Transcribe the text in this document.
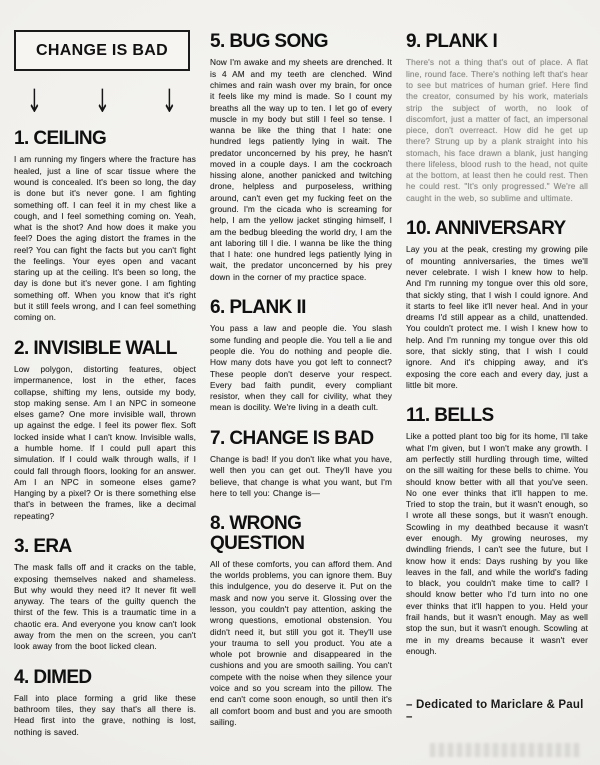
CHANGE IS BAD
↓	↓	↓
1. CEILING

I am running my fingers where the fracture has healed, just a line of scar tissue where the wound is concealed. It's been so long, the day is done but it's never gone. I am fighting something off. I can feel it in my chest like a cough, and I feel something coming on. Yeah, what is the shot? And how does it make you feel? Does the aging distort the frames in the reel? You can fight the facts but you can't fight the feelings. Your eyes open and vacant staring up at the ceiling. It's been so long, the day is done but it's never gone. I am fighting something off. When you know that it's right but it still feels wrong, and I can feel something coming on.

2. INVISIBLE WALL

Low polygon, distorting features, object impermanence, lost in the ether, faces collapse, shifting my lens, outside my body, stop making sense. Am I an NPC in someone elses game? One more invisible wall, thrown up against the edge. I feel its power flex. Soft locked inside what I can't know. Invisible walls, a humble home. If I could pull apart this simulation. If I could walk through walls, if I could fall through floors, looking for an answer. Am I an NPC in someone elses game? Hanging by a pixel? Or is there something else that's in between the frames, like a decimal repeating?

3. ERA

The mask falls off and it cracks on the table, exposing themselves naked and shameless. But why would they need it? It never fit well anyway. The tears of the guilty quench the thirst of the few. This is a traumatic time in a chaotic era. And everyone you know can't look away from the men on the screen, you can't look away from the boot licked clean.

4. DIMED

Fall into place forming a grid like these bathroom tiles, they say that's all there is. Head first into the grave, nothing is lost, nothing is saved.

5. BUG SONG

Now I'm awake and my sheets are drenched. It is 4 AM and my teeth are clenched. Wind chimes and rain wash over my brain, for once it feels like my mind is made. So I count my breaths all the way up to ten. I let go of every muscle in my body but still I feel so tense. I wanna be like the thing that I hate: one hundred legs patiently lying in wait. The predator unconcerned by his prey, he hasn't moved in a couple days. I am the cockroach hissing alone, another panicked and twitching drone, helpless and purposeless, writhing around, can't even get my fucking feet on the ground. I'm the cicada who is screaming for help, I am the yellow jacket stinging himself, I am the bedbug bleeding the world dry, I am the ant laboring till I die. I wanna be like the thing that I hate: one hundred legs patiently lying in wait, the predator unconcerned by his prey down in the corner of my practice space.

6. PLANK II

You pass a law and people die. You slash some funding and people die. You tell a lie and people die. You do nothing and people die. How many dots have you got left to connect? These people don't deserve your respect. Every bad faith pundit, every compliant resistor, when they call for civility, what they mean is docility. We're living in a death cult.

7. CHANGE IS BAD

Change is bad! If you don't like what you have, well then you can get out. They'll have you believe, that change is what you want, but I'm here to tell you: Change is—

8. WRONG QUESTION

All of these comforts, you can afford them. And the worlds problems, you can ignore them. Buy this indulgence, you do deserve it. Put on the mask and now you serve it. Glossing over the lesson, you couldn't pay attention, asking the wrong questions, emotional obstension. You didn't need it, but still you got it. They'll use your trauma to sell you product. You ate a whole pot brownie and disappeared in the cushions and you are smooth sailing. You can't compete with the noise when they silence your voice and so you scream into the pillow. The end can't come soon enough, so until then it's all comfort boom and bust and you are smooth sailing.

9. PLANK I

There's not a thing that's out of place. A flat line, round face. There's nothing left that's hear to see but matrices of human grief. Here find the creator, consumed by his work, materials strip the subject of worth, no look of discomfort, just a matter of fact, an impersonal piece, don't overreact. How did he get up there? Strung up by a plank straight into his stomach, his face drawn a blank, just hanging there lifeless, blood rush to the head, not quite at the bottom, at least then he could rest. Then he could rest. "It's only progressed." We're all caught in the web, so sublime and ultimate.

10. ANNIVERSARY

Lay you at the peak, cresting my growing pile of mounting anniversaries, the times we'll never celebrate. I wish I knew how to help. And I'm running my tongue over this old sore, that sickly sting, that I wish I could ignore. And it starts to feel like it'll never heal. And in your dreams I'd still appear as a child, unattended. You couldn't protect me. I wish I knew how to help. And I'm running my tongue over this old sore, that sickly sting, that I wish I could ignore. And it's chipping away, and it's exposing the core each and every day, just a little bit more.

11. BELLS

Like a potted plant too big for its home, I'll take what I'm given, but I won't make any growth. I am perfectly still hurdling through time, wilted on the sill waiting for these bells to chime. You should know better with all that you've seen. No one ever thinks that it'll happen to me. Tried to stop the train, but it wasn't enough, so I wrote all these songs, but it wasn't enough. Scowling in my deathbed because it wasn't ever enough. My growing neuroses, my dwindling friends, I can't see the future, but I know how it ends: Days rushing by you like leaves in the fall, and while the world's fading to black, you couldn't make time to call? I should know better who I'd turn into no one ever thinks that it'll happen to you. Held your frail hands, but it wasn't enough. May as well stop the sun, but it wasn't enough. Scowling at me in my dreams because it wasn't ever enough.

– Dedicated to Mariclare & Paul –
